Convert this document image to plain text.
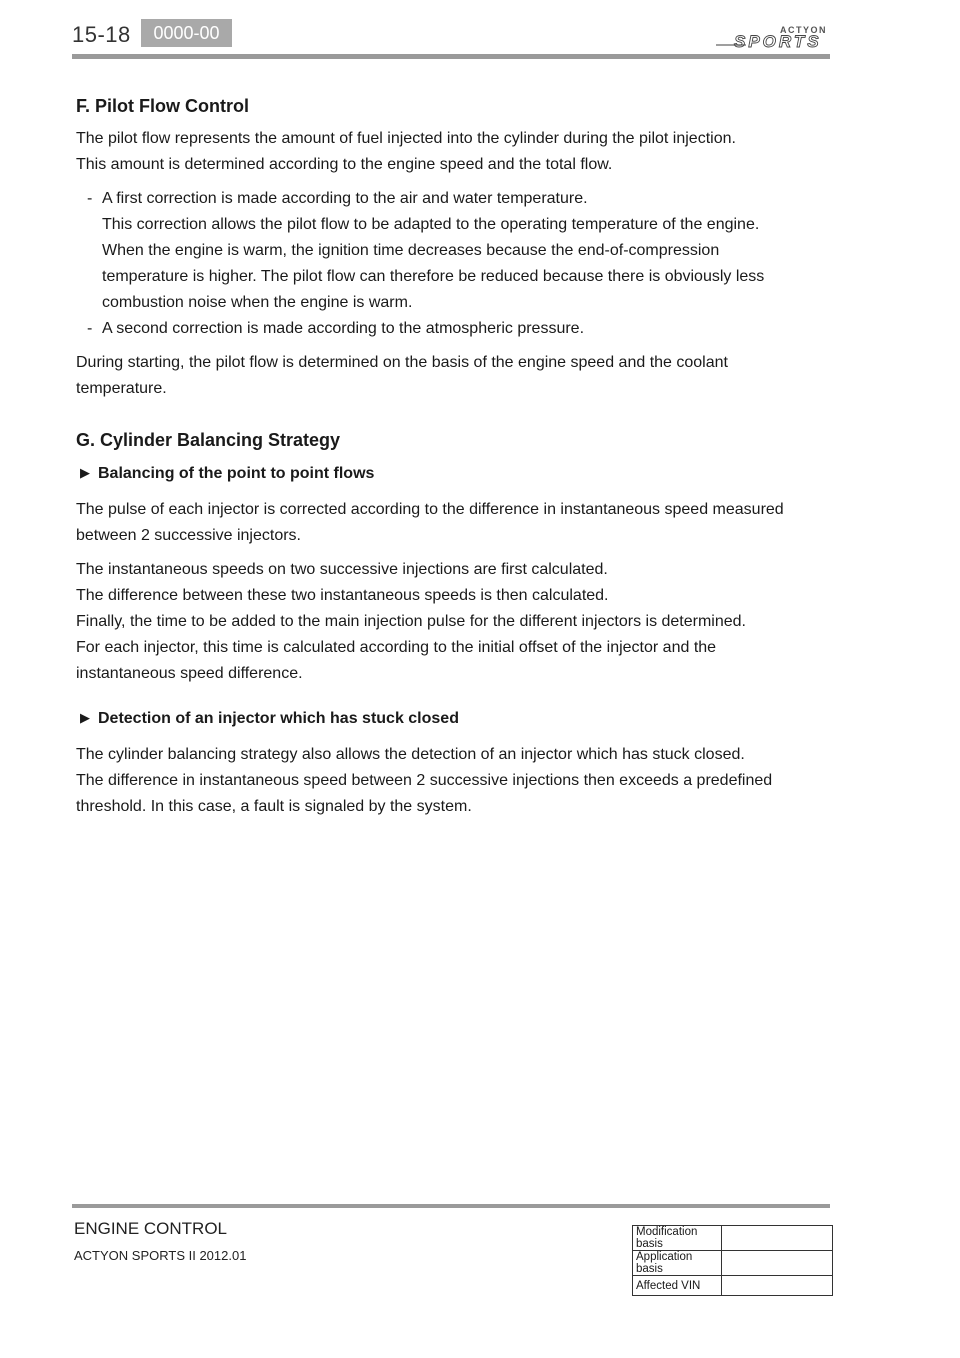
15-18	0000-00	ACTYON
SPORTS
F. Pilot Flow Control

The pilot flow represents the amount of fuel injected into the cylinder during the pilot injection.
This amount is determined according to the engine speed and the total flow.

- A first correction is made according to the air and water temperature.
This correction allows the pilot flow to be adapted to the operating temperature of the engine. When the engine is warm, the ignition time decreases because the end-of-compression temperature is higher. The pilot flow can therefore be reduced because there is obviously less combustion noise when the engine is warm.
- A second correction is made according to the atmospheric pressure.

During starting, the pilot flow is determined on the basis of the engine speed and the coolant temperature.

G. Cylinder Balancing Strategy
▶ Balancing of the point to point flows

The pulse of each injector is corrected according to the difference in instantaneous speed measured between 2 successive injectors.

The instantaneous speeds on two successive injections are first calculated.
The difference between these two instantaneous speeds is then calculated.
Finally, the time to be added to the main injection pulse for the different injectors is determined.
For each injector, this time is calculated according to the initial offset of the injector and the instantaneous speed difference.

▶ Detection of an injector which has stuck closed

The cylinder balancing strategy also allows the detection of an injector which has stuck closed.
The difference in instantaneous speed between 2 successive injections then exceeds a predefined threshold. In this case, a fault is signaled by the system.

ENGINE CONTROL
ACTYON SPORTS II 2012.01
Modification basis	
Application basis	
Affected VIN	
